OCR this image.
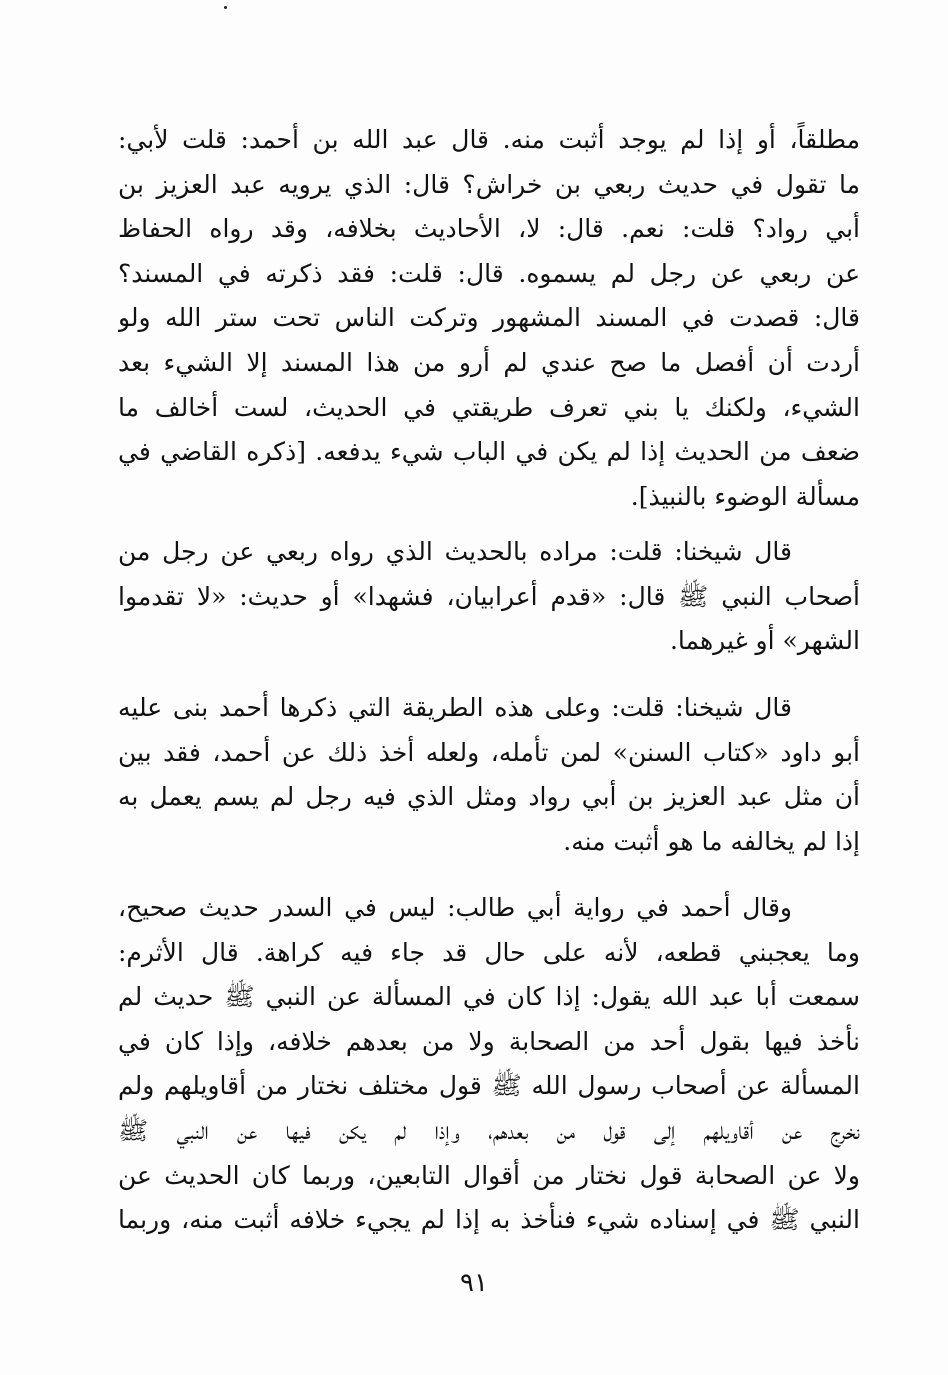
مطلقاً، أو إذا لم يوجد أثبت منه. قال عبد الله بن أحمد: قلت لأبي:
ما تقول في حديث ربعي بن خراش؟ قال: الذي يرويه عبد العزيز بن
أبي رواد؟ قلت: نعم. قال: لا، الأحاديث بخلافه، وقد رواه الحفاظ
عن ربعي عن رجل لم يسموه. قال: قلت: فقد ذكرته في المسند؟
قال: قصدت في المسند المشهور وتركت الناس تحت ستر الله ولو
أردت أن أفصل ما صح عندي لم أرو من هذا المسند إلا الشيء بعد
الشيء، ولكنك يا بني تعرف طريقتي في الحديث، لست أخالف ما
ضعف من الحديث إذا لم يكن في الباب شيء يدفعه. [ذكره القاضي في
مسألة الوضوء بالنبيذ].
قال شيخنا: قلت: مراده بالحديث الذي رواه ربعي عن رجل من
أصحاب النبي ﷺ قال: «قدم أعرابيان، فشهدا» أو حديث: «لا تقدموا
الشهر» أو غيرهما.
قال شيخنا: قلت: وعلى هذه الطريقة التي ذكرها أحمد بنى عليه
أبو داود «كتاب السنن» لمن تأمله، ولعله أخذ ذلك عن أحمد، فقد بين
أن مثل عبد العزيز بن أبي رواد ومثل الذي فيه رجل لم يسم يعمل به
إذا لم يخالفه ما هو أثبت منه.
وقال أحمد في رواية أبي طالب: ليس في السدر حديث صحيح،
وما يعجبني قطعه، لأنه على حال قد جاء فيه كراهة. قال الأثرم:
سمعت أبا عبد الله يقول: إذا كان في المسألة عن النبي ﷺ حديث لم
نأخذ فيها بقول أحد من الصحابة ولا من بعدهم خلافه، وإذا كان في
المسألة عن أصحاب رسول الله ﷺ قول مختلف نختار من أقاويلهم ولم
نخرج عن أقاويلهم إلى قول من بعدهم، وإذا لم يكن فيها عن النبي ﷺ
ولا عن الصحابة قول نختار من أقوال التابعين، وربما كان الحديث عن
النبي ﷺ في إسناده شيء فنأخذ به إذا لم يجيء خلافه أثبت منه، وربما
٩١
